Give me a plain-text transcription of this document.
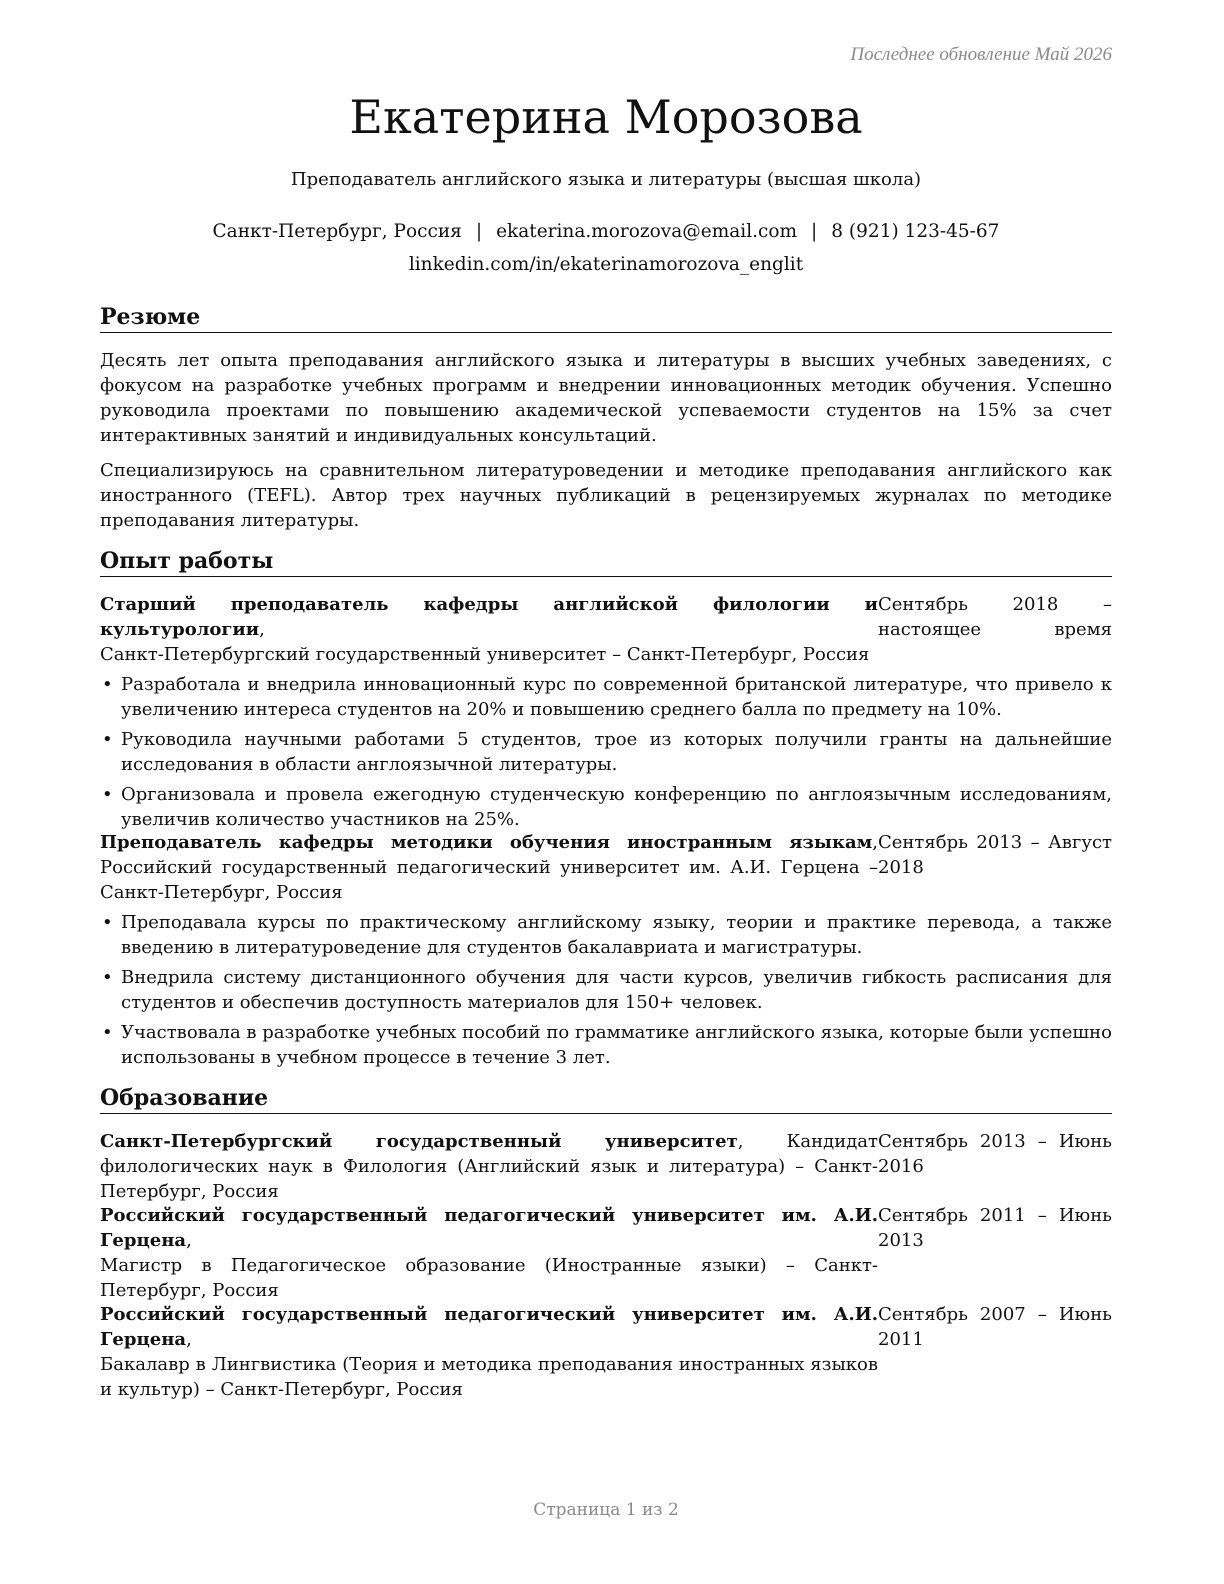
Последнее обновление Май 2026
Екатерина Морозова
Преподаватель английского языка и литературы (высшая школа)
Санкт-Петербург, Россия | ekaterina.morozova@email.com | 8 (921) 123-45-67
linkedin.com/in/ekaterinamorozova_englit
Резюме

Десять лет опыта преподавания английского языка и литературы в высших учебных заведениях, с фокусом на разработке учебных программ и внедрении инновационных методик обучения. Успешно руководила проектами по повышению академической успеваемости студентов на 15% за счет интерактивных занятий и индивидуальных консультаций.

Специализируюсь на сравнительном литературоведении и методике преподавания английского как иностранного (TEFL). Автор трех научных публикаций в рецензируемых журналах по методике преподавания литературы.

Опыт работы
Старший преподаватель кафедры английской филологии и культурологии,
Санкт-Петербургский государственный университет – Санкт-Петербург, Россия
Сентябрь 2018 – настоящее время
• Разработала и внедрила инновационный курс по современной британской литературе, что привело к увеличению интереса студентов на 20% и повышению среднего балла по предмету на 10%.
• Руководила научными работами 5 студентов, трое из которых получили гранты на дальнейшие исследования в области англоязычной литературы.
• Организовала и провела ежегодную студенческую конференцию по англоязычным исследованиям, увеличив количество участников на 25%.
Преподаватель кафедры методики обучения иностранным языкам, Российский государственный педагогический университет им. А.И. Герцена – Санкт-Петербург, Россия
Сентябрь 2013 – Август 2018
• Преподавала курсы по практическому английскому языку, теории и практике перевода, а также введению в литературоведение для студентов бакалавриата и магистратуры.
• Внедрила систему дистанционного обучения для части курсов, увеличив гибкость расписания для студентов и обеспечив доступность материалов для 150+ человек.
• Участвовала в разработке учебных пособий по грамматике английского языка, которые были успешно использованы в учебном процессе в течение 3 лет.
Образование
Санкт-Петербургский государственный университет, Кандидат филологических наук в Филология (Английский язык и литература) – Санкт-Петербург, Россия
Сентябрь 2013 – Июнь 2016
Российский государственный педагогический университет им. А.И. Герцена,
Магистр в Педагогическое образование (Иностранные языки) – Санкт-Петербург, Россия
Сентябрь 2011 – Июнь 2013
Российский государственный педагогический университет им. А.И. Герцена,
Бакалавр в Лингвистика (Теория и методика преподавания иностранных языков и культур) – Санкт-Петербург, Россия
Сентябрь 2007 – Июнь 2011
Страница 1 из 2
